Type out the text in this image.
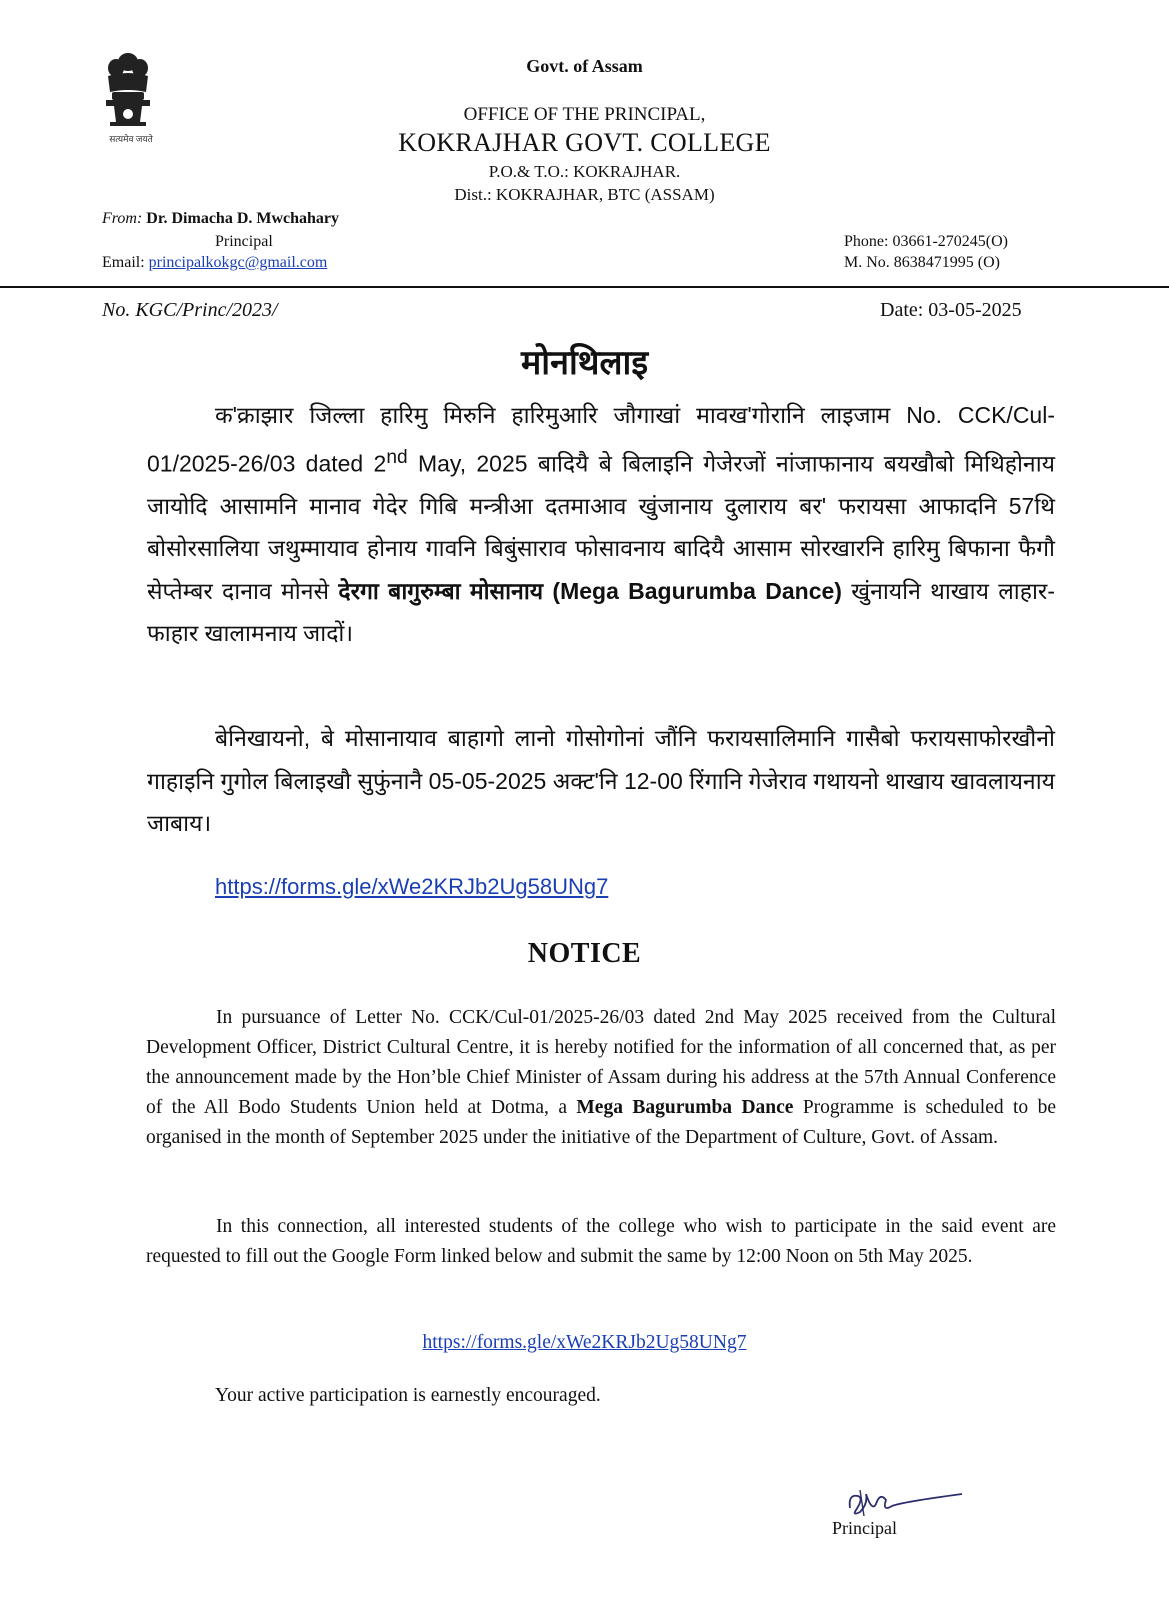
सत्यमेव जयते
Govt. of Assam
OFFICE OF THE PRINCIPAL,
KOKRAJHAR GOVT. COLLEGE
P.O.& T.O.: KOKRAJHAR.
Dist.: KOKRAJHAR, BTC (ASSAM)
From: Dr. Dimacha D. Mwchahary
Principal
Email: principalkokgc@gmail.com
Phone: 03661-270245(O)
M. No. 8638471995 (O)
No. KGC/Princ/2023/	Date: 03-05-2025
मोनथिलाइ
क'क्राझार जिल्ला हारिमु मिरुनि हारिमुआरि जौगाखां मावख'गोरानि लाइजाम No. CCK/Cul-01/2025-26/03 dated 2nd May, 2025 बादियै बे बिलाइनि गेजेरजों नांजाफानाय बयखौबो मिथिहोनाय जायोदि आसामनि मानाव गेदेर गिबि मन्त्रीआ दतमाआव खुंजानाय दुलाराय बर' फरायसा आफादनि 57थि बोसोरसालिया जथुम्मायाव होनाय गावनि बिबुंसाराव फोसावनाय बादियै आसाम सोरखारनि हारिमु बिफाना फैगौ सेप्तेम्बर दानाव मोनसे देरगा बागुरुम्बा मोसानाय (Mega Bagurumba Dance) खुंनायनि थाखाय लाहार-फाहार खालामनाय जादों।
बेनिखायनो, बे मोसानायाव बाहागो लानो गोसोगोनां जौंनि फरायसालिमानि गासैबो फरायसाफोरखौनो गाहाइनि गुगोल बिलाइखौ सुफुंनानै 05-05-2025 अक्ट'नि 12-00 रिंगानि गेजेराव गथायनो थाखाय खावलायनाय जाबाय।
https://forms.gle/xWe2KRJb2Ug58UNg7
NOTICE
In pursuance of Letter No. CCK/Cul-01/2025-26/03 dated 2nd May 2025 received from the Cultural Development Officer, District Cultural Centre, it is hereby notified for the information of all concerned that, as per the announcement made by the Hon’ble Chief Minister of Assam during his address at the 57th Annual Conference of the All Bodo Students Union held at Dotma, a Mega Bagurumba Dance Programme is scheduled to be organised in the month of September 2025 under the initiative of the Department of Culture, Govt. of Assam.
In this connection, all interested students of the college who wish to participate in the said event are requested to fill out the Google Form linked below and submit the same by 12:00 Noon on 5th May 2025.
https://forms.gle/xWe2KRJb2Ug58UNg7
Your active participation is earnestly encouraged.
Principal
